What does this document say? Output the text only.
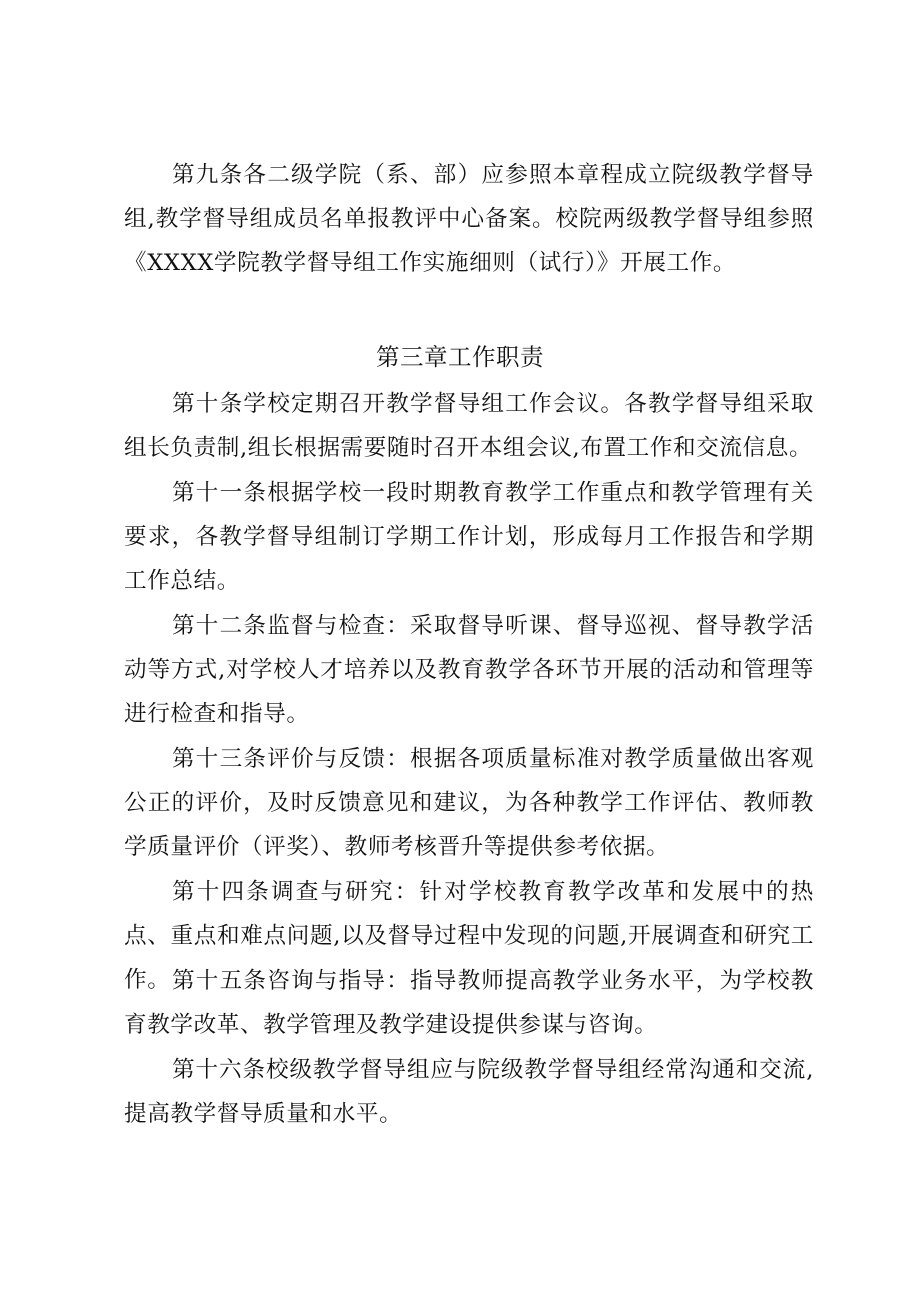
第九条各二级学院（系、部）应参照本章程成立院级教学督导组,教学督导组成员名单报教评中心备案。校院两级教学督导组参照《XXXX学院教学督导组工作实施细则（试行）》开展工作。

第三章工作职责

第十条学校定期召开教学督导组工作会议。各教学督导组采取组长负责制,组长根据需要随时召开本组会议,布置工作和交流信息。

第十一条根据学校一段时期教育教学工作重点和教学管理有关要求，各教学督导组制订学期工作计划，形成每月工作报告和学期工作总结。

第十二条监督与检查：采取督导听课、督导巡视、督导教学活动等方式,对学校人才培养以及教育教学各环节开展的活动和管理等进行检查和指导。

第十三条评价与反馈：根据各项质量标准对教学质量做出客观公正的评价，及时反馈意见和建议，为各种教学工作评估、教师教学质量评价（评奖）、教师考核晋升等提供参考依据。

第十四条调查与研究：针对学校教育教学改革和发展中的热点、重点和难点问题,以及督导过程中发现的问题,开展调查和研究工作。 第十五条咨询与指导：指导教师提高教学业务水平，为学校教育教学改革、教学管理及教学建设提供参谋与咨询。

第十六条校级教学督导组应与院级教学督导组经常沟通和交流,提高教学督导质量和水平。
